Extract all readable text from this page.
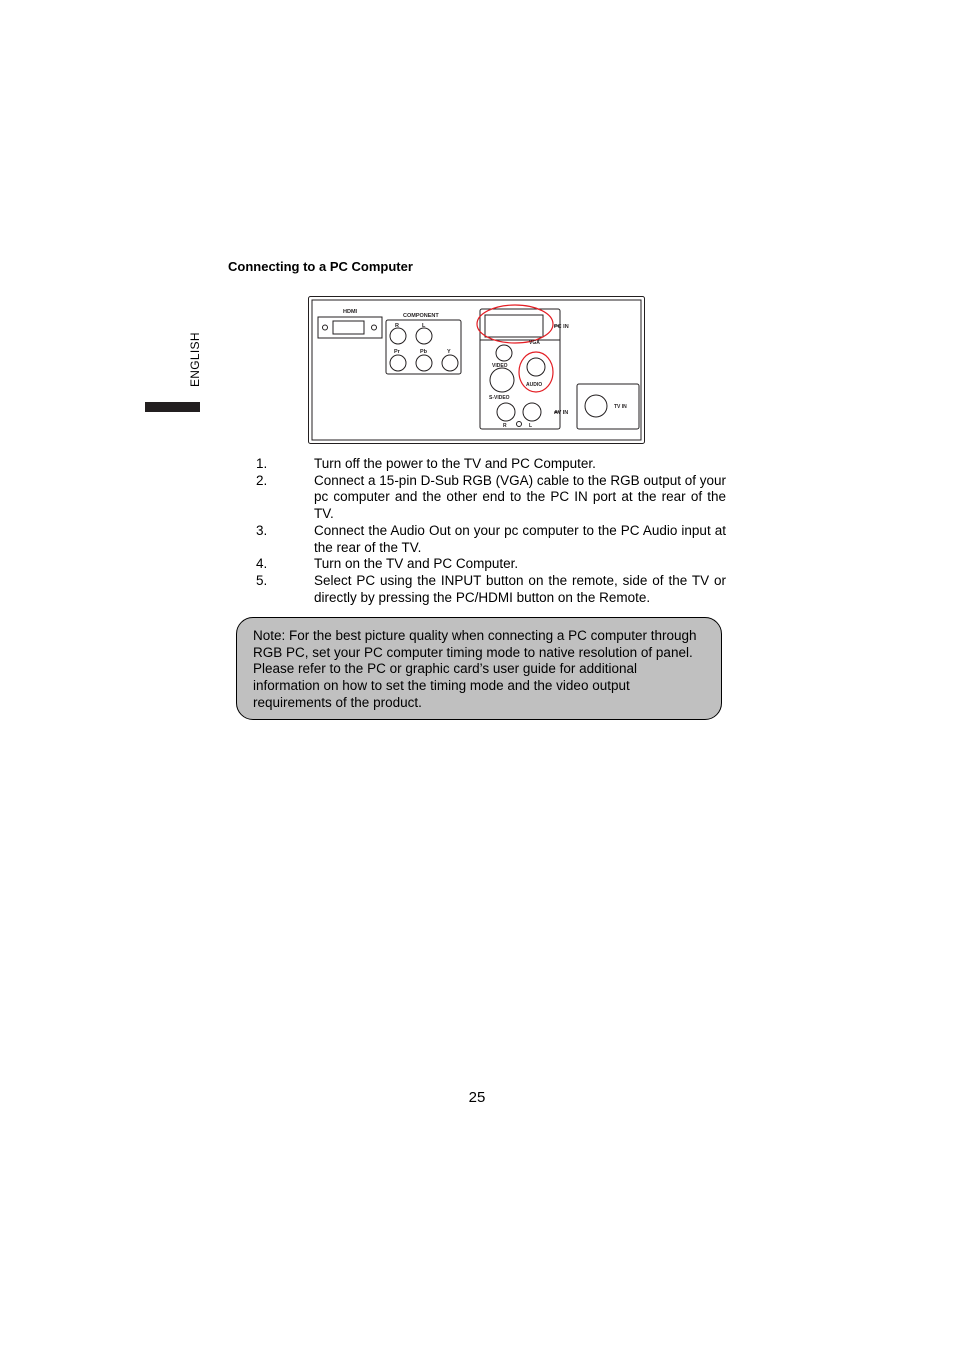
ENGLISH
Connecting to a PC Computer
HDMI
COMPONENT
R	L
Pr	Pb	Y
PC IN
VGA
VIDEO
AUDIO
S-VIDEO
AV IN
TV IN
R	L
1.	Turn off the power to the TV and PC Computer.
2.	Connect a 15-pin D-Sub RGB (VGA) cable to the RGB output of your pc computer and the other end to the PC IN port at the rear of the TV.
3.	Connect the Audio Out on your pc computer to the PC Audio input at the rear of the TV.
4.	Turn on the TV and PC Computer.
5.	Select PC using the INPUT button on the remote, side of the TV or directly by pressing the PC/HDMI button on the Remote.
Note: For the best picture quality when connecting a PC computer through RGB PC, set your PC computer timing mode to native resolution of panel. Please refer to the PC or graphic card’s user guide for additional information on how to set the timing mode and the video output requirements of the product.
25
